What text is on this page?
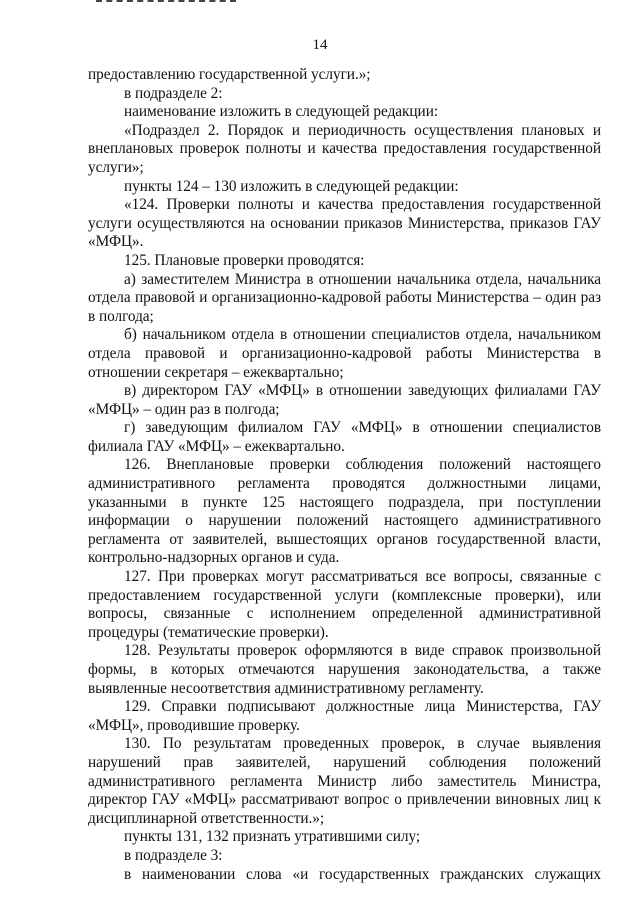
14

предоставлению государственной услуги.»;

в подразделе 2:

наименование изложить в следующей редакции:

«Подраздел 2. Порядок и периодичность осуществления плановых и внеплановых проверок полноты и качества предоставления государственной услуги»;

пункты 124 – 130 изложить в следующей редакции:

«124. Проверки полноты и качества предоставления государственной услуги осуществляются на основании приказов Министерства, приказов ГАУ «МФЦ».

125. Плановые проверки проводятся:

а) заместителем Министра в отношении начальника отдела, начальника отдела правовой и организационно-кадровой работы Министерства – один раз в полгода;

б) начальником отдела в отношении специалистов отдела, начальником отдела правовой и организационно-кадровой работы Министерства в отношении секретаря – ежеквартально;

в) директором ГАУ «МФЦ» в отношении заведующих филиалами ГАУ «МФЦ» – один раз в полгода;

г) заведующим филиалом ГАУ «МФЦ» в отношении специалистов филиала ГАУ «МФЦ» – ежеквартально.

126. Внеплановые проверки соблюдения положений настоящего административного регламента проводятся должностными лицами, указанными в пункте 125 настоящего подраздела, при поступлении информации о нарушении положений настоящего административного регламента от заявителей, вышестоящих органов государственной власти, контрольно-надзорных органов и суда.

127. При проверках могут рассматриваться все вопросы, связанные с предоставлением государственной услуги (комплексные проверки), или вопросы, связанные с исполнением определенной административной процедуры (тематические проверки).

128. Результаты проверок оформляются в виде справок произвольной формы, в которых отмечаются нарушения законодательства, а также выявленные несоответствия административному регламенту.

129. Справки подписывают должностные лица Министерства, ГАУ «МФЦ», проводившие проверку.

130. По результатам проведенных проверок, в случае выявления нарушений прав заявителей, нарушений соблюдения положений административного регламента Министр либо заместитель Министра, директор ГАУ «МФЦ» рассматривают вопрос о привлечении виновных лиц к дисциплинарной ответственности.»;

пункты 131, 132 признать утратившими силу;

в подразделе 3:

в наименовании слова «и государственных гражданских служащих
